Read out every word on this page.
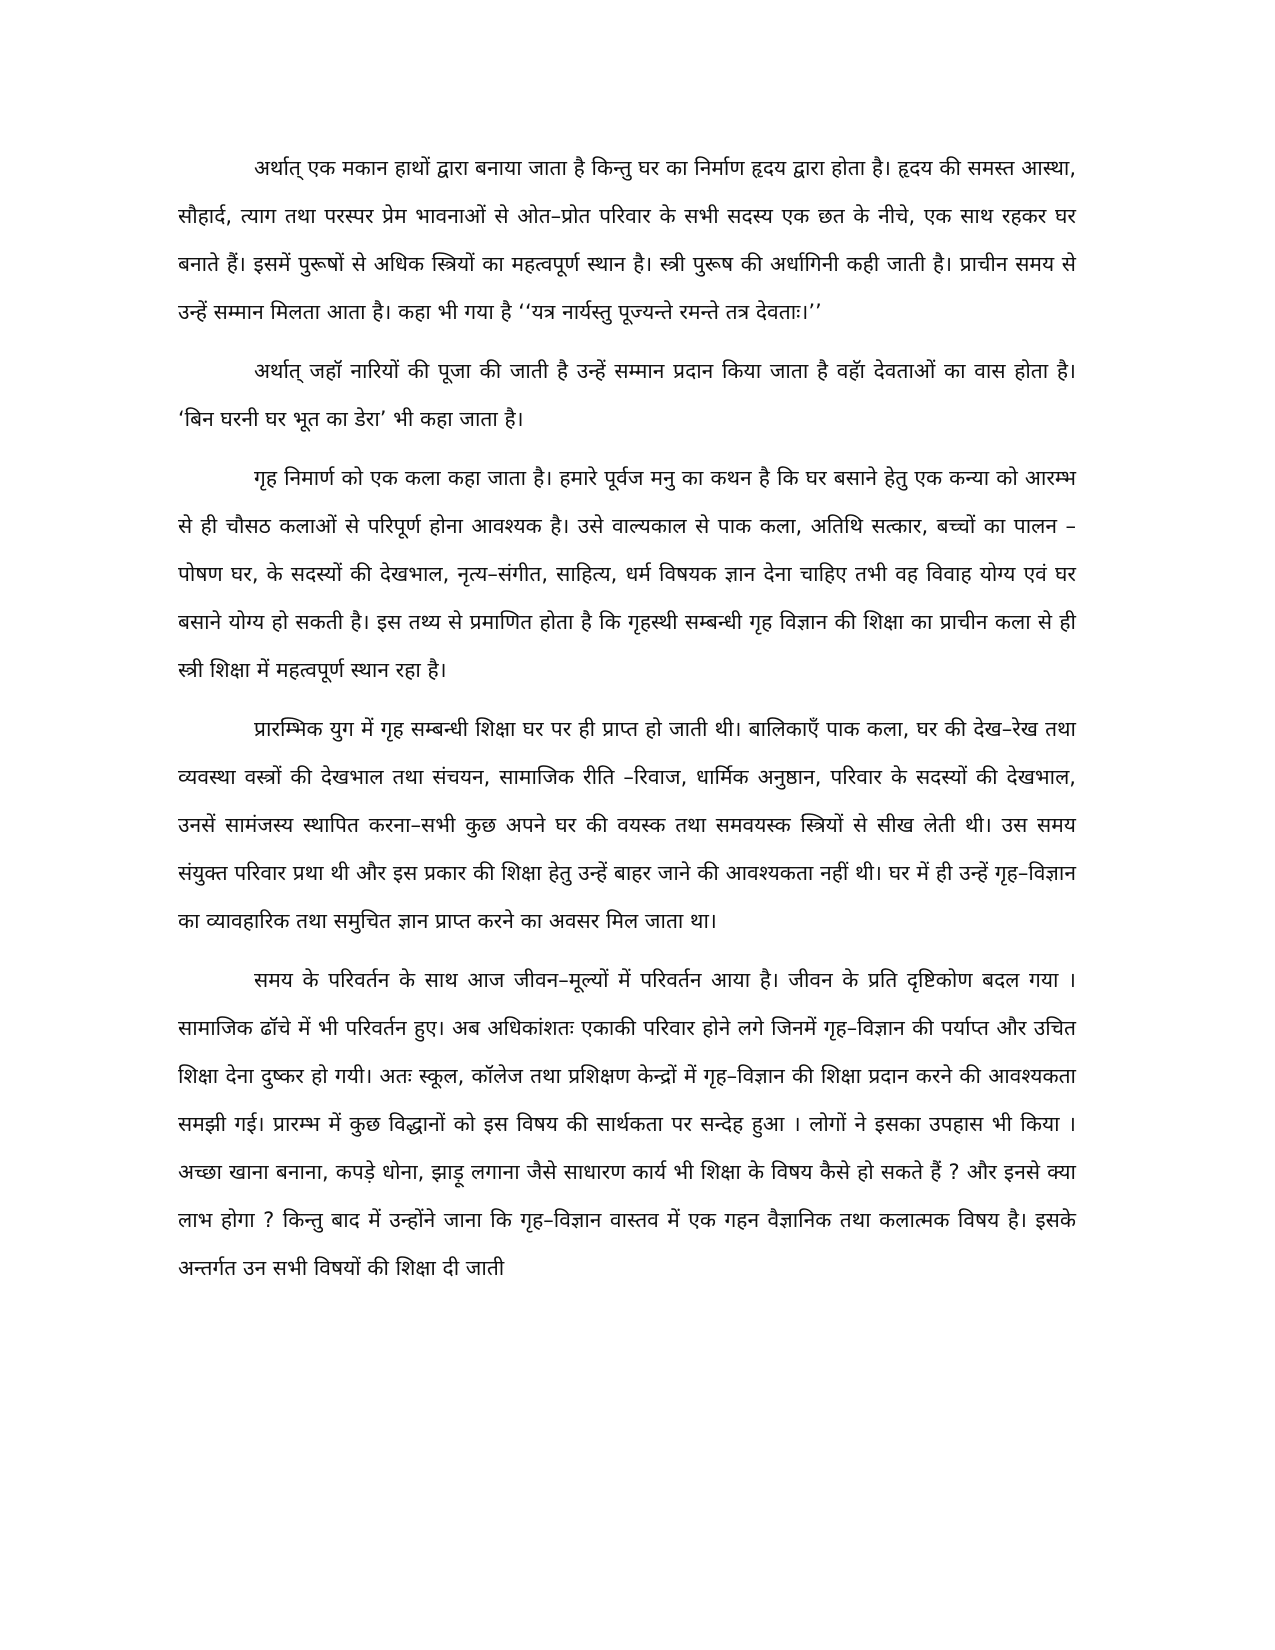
अर्थात् एक मकान हाथों द्वारा बनाया जाता है किन्तु घर का निर्माण हृदय द्वारा होता है। हृदय की समस्त आस्था, सौहार्द, त्याग तथा परस्पर प्रेम भावनाओं से ओत–प्रोत परिवार के सभी सदस्य एक छत के नीचे, एक साथ रहकर घर बनाते हैं। इसमें पुरूषों से अधिक स्त्रियों का महत्वपूर्ण स्थान है। स्त्री पुरूष की अर्धागिनी कही जाती है। प्राचीन समय से उन्हें सम्मान मिलता आता है। कहा भी गया है ‘‘यत्र नार्यस्तु पूज्यन्ते रमन्ते तत्र देवताः।’’

अर्थात् जहॉ नारियों की पूजा की जाती है उन्हें सम्मान प्रदान किया जाता है वहॅा देवताओं का वास होता है। ‘बिन घरनी घर भूत का डेरा’ भी कहा जाता है।

गृह निमार्ण को एक कला कहा जाता है। हमारे पूर्वज मनु का कथन है कि घर बसाने हेतु एक कन्या को आरम्भ से ही चौसठ कलाओं से परिपूर्ण होना आवश्यक है। उसे वाल्यकाल से पाक कला, अतिथि सत्कार, बच्चों का पालन –पोषण घर, के सदस्यों की देखभाल, नृत्य–संगीत, साहित्य, धर्म विषयक ज्ञान देना चाहिए तभी वह विवाह योग्य एवं घर बसाने योग्य हो सकती है। इस तथ्य से प्रमाणित होता है कि गृहस्थी सम्बन्धी गृह विज्ञान की शिक्षा का प्राचीन कला से ही स्त्री शिक्षा में महत्वपूर्ण स्थान रहा है।

प्रारम्भिक युग में गृह सम्बन्धी शिक्षा घर पर ही प्राप्त हो जाती थी। बालिकाएँ पाक कला, घर की देख–रेख तथा व्यवस्था वस्त्रों की देखभाल तथा संचयन, सामाजिक रीति –रिवाज, धार्मिक अनुष्ठान, परिवार के सदस्यों की देखभाल, उनसें सामंजस्य स्थापित करना–सभी कुछ अपने घर की वयस्क तथा समवयस्क स्त्रियों से सीख लेती थी। उस समय संयुक्त परिवार प्रथा थी और इस प्रकार की शिक्षा हेतु उन्हें बाहर जाने की आवश्यकता नहीं थी। घर में ही उन्हें गृह–विज्ञान का व्यावहारिक तथा समुचित ज्ञान प्राप्त करने का अवसर मिल जाता था।

समय के परिवर्तन के साथ आज जीवन–मूल्यों में परिवर्तन आया है। जीवन के प्रति दृष्टिकोण बदल गया । सामाजिक ढॉचे में भी परिवर्तन हुए। अब अधिकांशतः एकाकी परिवार होने लगे जिनमें गृह–विज्ञान की पर्याप्त और उचित शिक्षा देना दुष्कर हो गयी। अतः स्कूल, कॉलेज तथा प्रशिक्षण केन्द्रों में गृह–विज्ञान की शिक्षा प्रदान करने की आवश्यकता समझी गई। प्रारम्भ में कुछ विद्धानों को इस विषय की सार्थकता पर सन्देह हुआ । लोगों ने इसका उपहास भी किया । अच्छा खाना बनाना, कपड़े धोना, झाड़ू लगाना जैसे साधारण कार्य भी शिक्षा के विषय कैसे हो सकते हैं ? और इनसे क्या लाभ होगा ? किन्तु बाद में उन्होंने जाना कि गृह–विज्ञान वास्तव में एक गहन वैज्ञानिक तथा कलात्मक विषय है। इसके अन्तर्गत उन सभी विषयों की शिक्षा दी जाती
